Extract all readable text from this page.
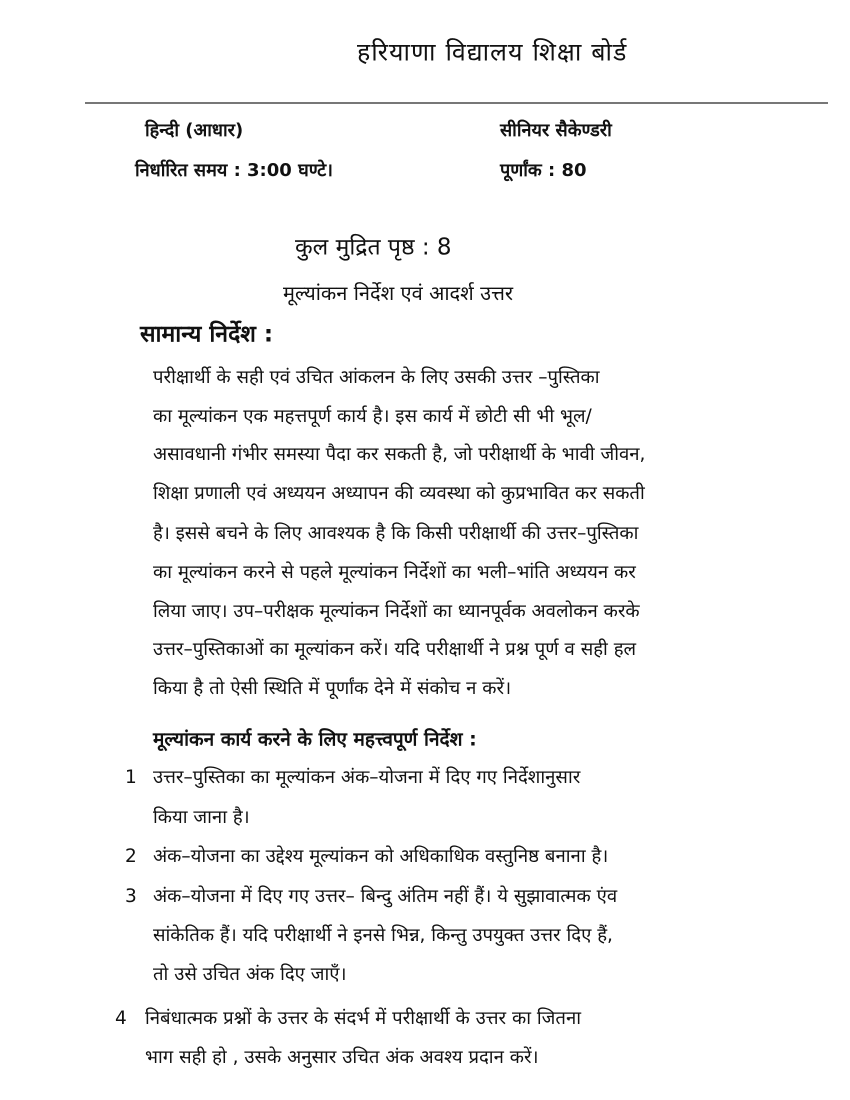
हरियाणा विद्यालय शिक्षा बोर्ड
हिन्दी (आधार)	सीनियर सैकेण्डरी
निर्धारित समय : 3:00 घण्टे।	पूर्णांक : 80
कुल मुद्रित पृष्ठ : 8
मूल्यांकन निर्देश एवं आदर्श उत्तर
सामान्य निर्देश :
परीक्षार्थी के सही एवं उचित आंकलन के लिए उसकी उत्तर –पुस्तिका
का मूल्यांकन एक महत्तपूर्ण कार्य है। इस कार्य में छोटी सी भी भूल/
असावधानी गंभीर समस्या पैदा कर सकती है, जो परीक्षार्थी के भावी जीवन,
शिक्षा प्रणाली एवं अध्ययन अध्यापन की व्यवस्था को कुप्रभावित कर सकती
है। इससे बचने के लिए आवश्यक है कि किसी परीक्षार्थी की उत्तर–पुस्तिका
का मूल्यांकन करने से पहले मूल्यांकन निर्देशों का भली–भांति अध्ययन कर
लिया जाए। उप–परीक्षक मूल्यांकन निर्देशों का ध्यानपूर्वक अवलोकन करके
उत्तर–पुस्तिकाओं का मूल्यांकन करें। यदि परीक्षार्थी ने प्रश्न पूर्ण व सही हल
किया है तो ऐसी स्थिति में पूर्णांक देने में संकोच न करें।
मूल्यांकन कार्य करने के लिए महत्त्वपूर्ण निर्देश :
1 उत्तर–पुस्तिका का मूल्यांकन अंक–योजना में दिए गए निर्देशानुसार
किया जाना है।
2 अंक–योजना का उद्देश्य मूल्यांकन को अधिकाधिक वस्तुनिष्ठ बनाना है।
3 अंक–योजना में दिए गए उत्तर– बिन्दु अंतिम नहीं हैं। ये सुझावात्मक एंव
सांकेतिक हैं। यदि परीक्षार्थी ने इनसे भिन्न, किन्तु उपयुक्त उत्तर दिए हैं,
तो उसे उचित अंक दिए जाएँ।
4 निबंधात्मक प्रश्नों के उत्तर के संदर्भ में परीक्षार्थी के उत्तर का जितना
भाग सही हो , उसके अनुसार उचित अंक अवश्य प्रदान करें।
